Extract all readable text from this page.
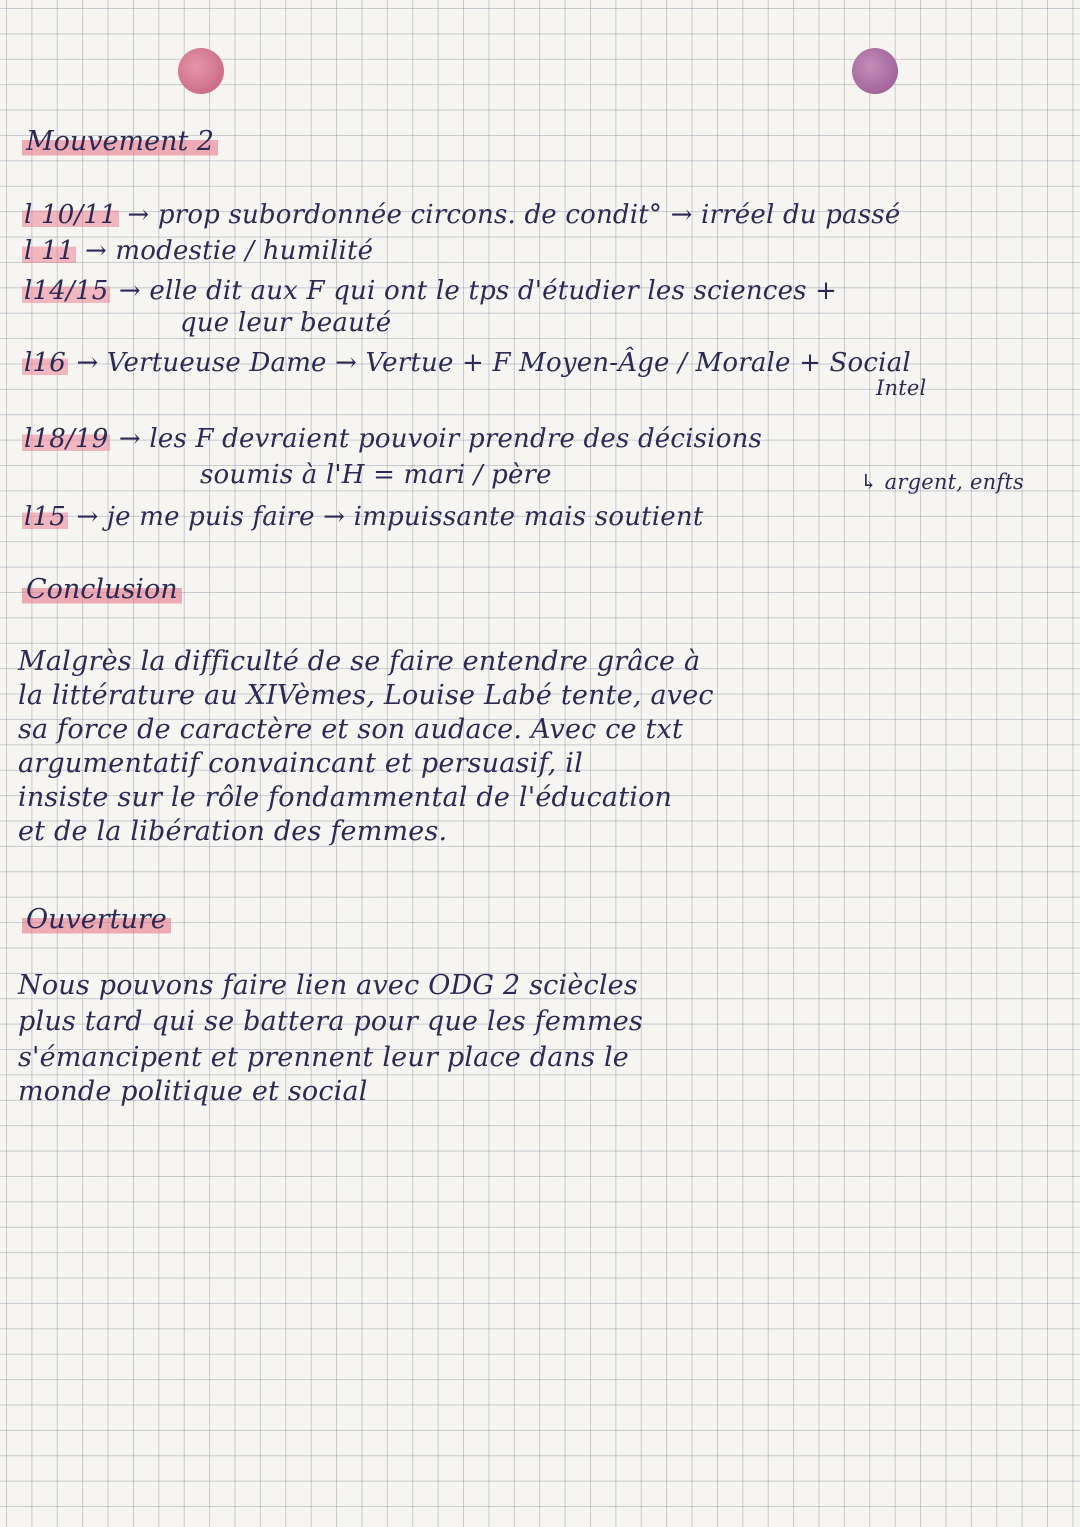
Mouvement 2
l 10/11 → prop subordonnée circons. de condit° → irréel du passé
l 11 → modestie / humilité
l14/15 → elle dit aux F qui ont le tps d'étudier les sciences +
que leur beauté
l16 → Vertueuse Dame → Vertue + F Moyen-Âge / Morale + Social
Intel
l18/19 → les F devraient pouvoir prendre des décisions
soumis à l'H = mari / père	↳ argent, enfts
l15 → je me puis faire → impuissante mais soutient
Conclusion
Malgrès la difficulté de se faire entendre grâce à
la littérature au XIVèmes, Louise Labé tente, avec
sa force de caractère et son audace. Avec ce txt
argumentatif convaincant et persuasif, il
insiste sur le rôle fondammental de l'éducation
et de la libération des femmes.
Ouverture
Nous pouvons faire lien avec ODG 2 sciècles
plus tard qui se battera pour que les femmes
s'émancipent et prennent leur place dans le
monde politique et social
